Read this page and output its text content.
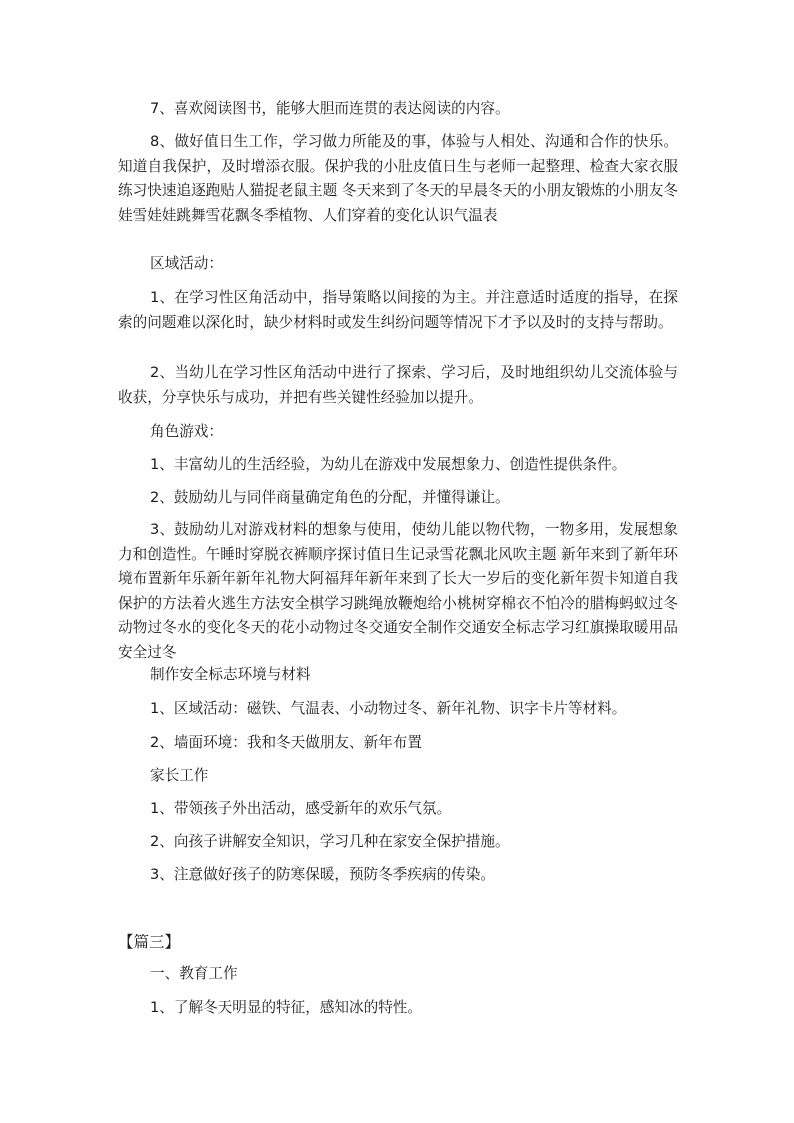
7、喜欢阅读图书，能够大胆而连贯的表达阅读的内容。

8、做好值日生工作，学习做力所能及的事，体验与人相处、沟通和合作的快乐。知道自我保护，及时增添衣服。保护我的小肚皮值日生与老师一起整理、检查大家衣服练习快速追逐跑贴人猫捉老鼠主题 冬天来到了冬天的早晨冬天的小朋友锻炼的小朋友冬娃雪娃娃跳舞雪花飘冬季植物、人们穿着的变化认识气温表

区域活动：

1、在学习性区角活动中，指导策略以间接的为主。并注意适时适度的指导，在探索的问题难以深化时，缺少材料时或发生纠纷问题等情况下才予以及时的支持与帮助。

2、当幼儿在学习性区角活动中进行了探索、学习后，及时地组织幼儿交流体验与收获，分享快乐与成功，并把有些关键性经验加以提升。

角色游戏：

1、丰富幼儿的生活经验，为幼儿在游戏中发展想象力、创造性提供条件。

2、鼓励幼儿与同伴商量确定角色的分配，并懂得谦让。

3、鼓励幼儿对游戏材料的想象与使用，使幼儿能以物代物，一物多用，发展想象力和创造性。午睡时穿脱衣裤顺序探讨值日生记录雪花飘北风吹主题 新年来到了新年环境布置新年乐新年新年礼物大阿福拜年新年来到了长大一岁后的变化新年贺卡知道自我保护的方法着火逃生方法安全棋学习跳绳放鞭炮给小桃树穿棉衣不怕冷的腊梅蚂蚁过冬动物过冬水的变化冬天的花小动物过冬交通安全制作交通安全标志学习红旗操取暖用品安全过冬

制作安全标志环境与材料

1、区域活动：磁铁、气温表、小动物过冬、新年礼物、识字卡片等材料。

2、墙面环境：我和冬天做朋友、新年布置

家长工作

1、带领孩子外出活动，感受新年的欢乐气氛。

2、向孩子讲解安全知识，学习几种在家安全保护措施。

3、注意做好孩子的防寒保暖，预防冬季疾病的传染。

【篇三】

一、教育工作

1、了解冬天明显的特征，感知冰的特性。
